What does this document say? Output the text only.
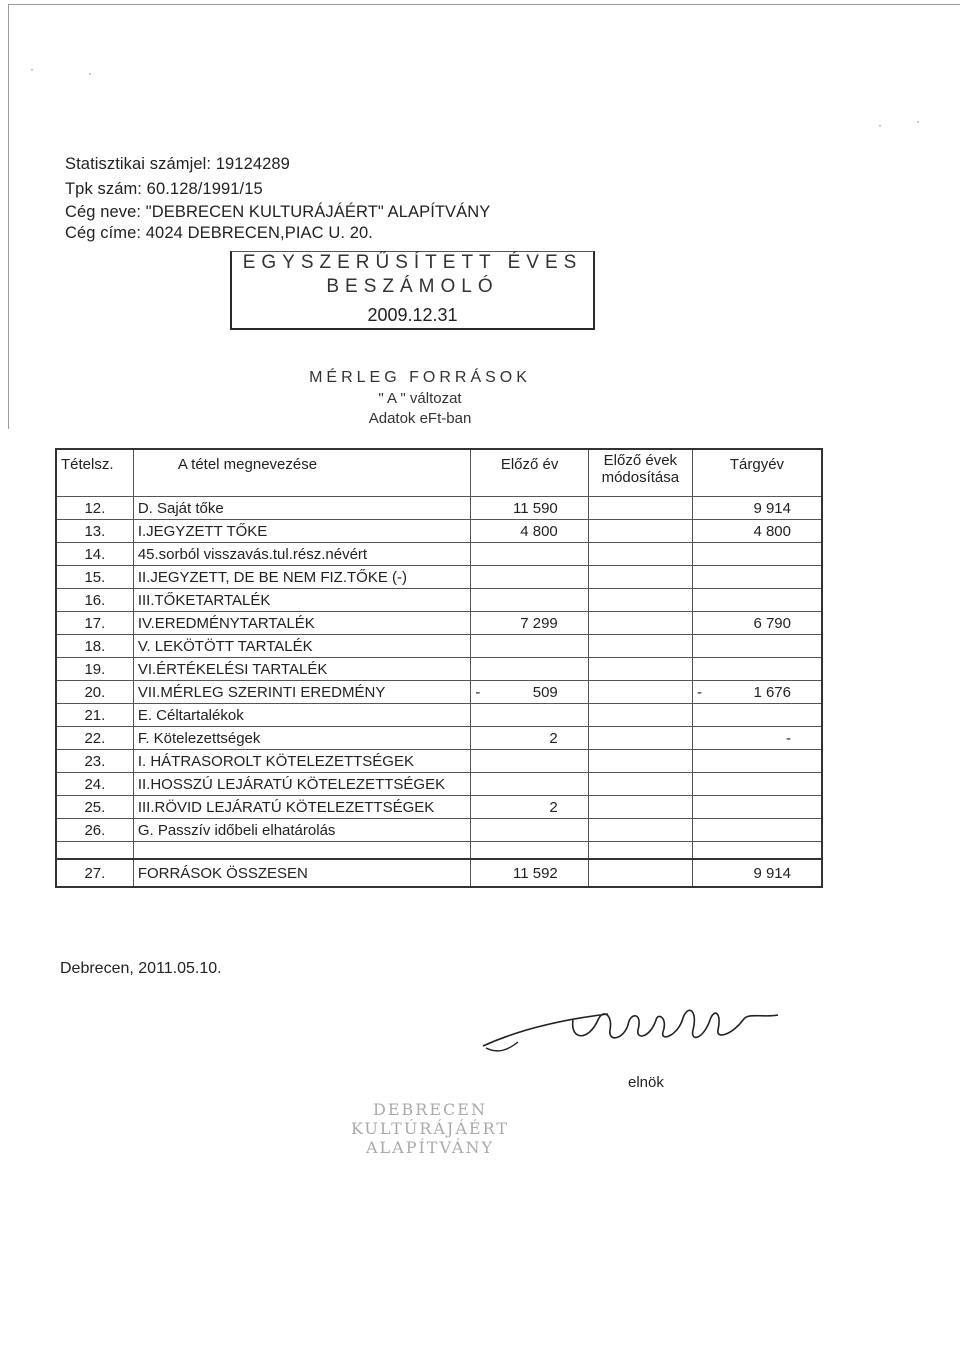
·	·
·	·
Statisztikai számjel: 19124289
Tpk szám: 60.128/1991/15
Cég neve: "DEBRECEN KULTURÁJÁÉRT" ALAPÍTVÁNY
Cég címe: 4024 DEBRECEN,PIAC U. 20.
EGYSZERŰSÍTETT ÉVES
BESZÁMOLÓ
2009.12.31
MÉRLEG FORRÁSOK
" A " változat
Adatok eFt-ban
Tételsz.	A tétel megnevezése	Előző év	Előző évek módosítása	Tárgyév
12.	D. Saját tőke	11 590		9 914
13.	I.JEGYZETT TŐKE	4 800		4 800
14.	45.sorból visszavás.tul.rész.névért			
15.	II.JEGYZETT, DE BE NEM FIZ.TŐKE (-)			
16.	III.TŐKETARTALÉK			
17.	IV.EREDMÉNYTARTALÉK	7 299		6 790
18.	V. LEKÖTÖTT TARTALÉK			
19.	VI.ÉRTÉKELÉSI TARTALÉK			
20.	VII.MÉRLEG SZERINTI EREDMÉNY	- 509		- 1 676
21.	E. Céltartalékok			
22.	F. Kötelezettségek	2		-
23.	I. HÁTRASOROLT KÖTELEZETTSÉGEK			
24.	II.HOSSZÚ LEJÁRATÚ KÖTELEZETTSÉGEK			
25.	III.RÖVID LEJÁRATÚ KÖTELEZETTSÉGEK	2		
26.	G. Passzív időbeli elhatárolás			

27.	FORRÁSOK ÖSSZESEN	11 592		9 914
Debrecen, 2011.05.10.
elnök
DEBRECEN KULTÚRÁJÁÉRT ALAPÍTVÁNY
